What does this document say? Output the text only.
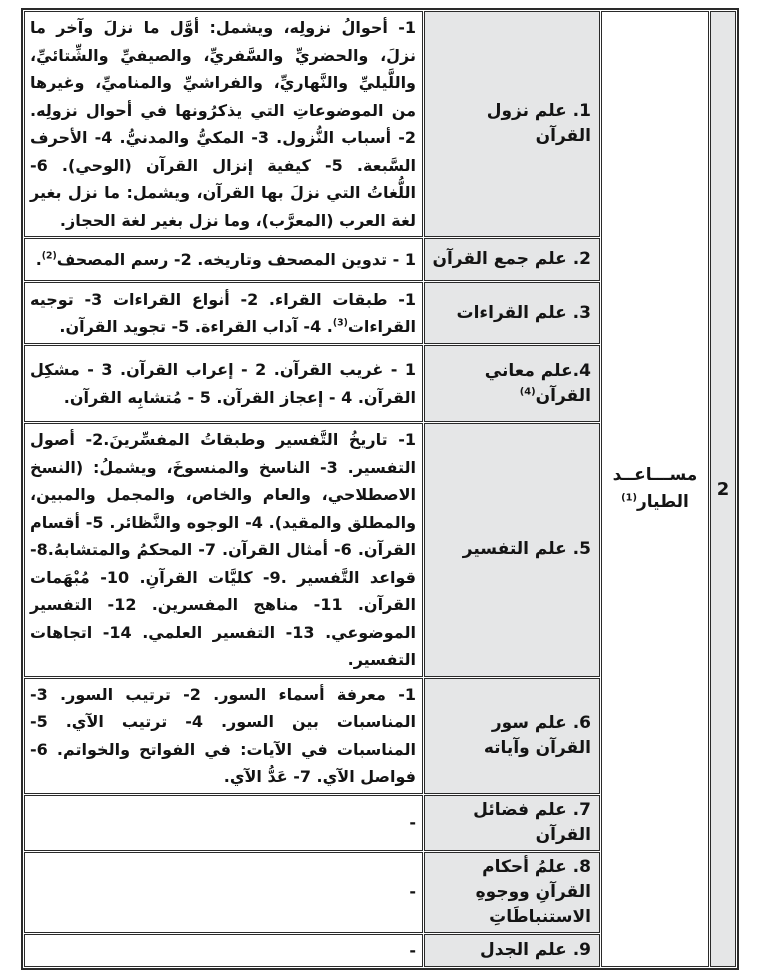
2	مســـاعــد الطيار$^{(1)}$	1. علم نزول القرآن	1- أحوالُ نزولِه، ويشمل: أوَّل ما نزلَ وآخر ما نزلَ، والحضريِّ والسَّفريِّ، والصيفيِّ والشِّتائيِّ، واللَّيليِّ والنَّهاريِّ، والفراشيِّ والمناميِّ، وغيرها من الموضوعاتِ التي يذكرُونها في أحوال نزولِه. 2- أسباب النُّزول. 3- المكيُّ والمدنيُّ. 4- الأحرف السَّبعة. 5- كيفية إنزال القرآن (الوحي). 6- اللُّغاتُ التي نزلَ بها القرآن، ويشمل: ما نزل بغير لغة العرب (المعرَّب)، وما نزل بغير لغة الحجاز.
		2. علم جمع القرآن	1 - تدوين المصحف وتاريخه. 2- رسم المصحف$^{(2)}$.
		3. علم القراءات	1- طبقات القراء. 2- أنواع القراءات 3- توجيه القراءات$^{(3)}$. 4- آداب القراءة. 5- تجويد القرآن.
		4.علم معاني القرآن$^{(4)}$	1 - غريب القرآن. 2 - إعراب القرآن. 3 - مشكِل القرآن. 4 - إعجاز القرآن. 5 - مُتشابِه القرآن.
		5. علم التفسير	1- تاريخُ التَّفسير وطبقاتُ المفسِّرينَ.2- أصول التفسير. 3- الناسخ والمنسوخَ، ويشملُ: (النسخ الاصطلاحي، والعام والخاص، والمجمل والمبين، والمطلق والمقيد). 4- الوجوه والنَّظائر. 5- أقسام القرآن. 6- أمثال القرآن. 7- المحكمُ والمتشابهُ.8- قواعد التَّفسير .9- كليَّات القرآنِ. 10- مُبْهَمات القرآن. 11- مناهج المفسرين. 12- التفسير الموضوعي. 13- التفسير العلمي. 14- اتجاهات التفسير.
		6. علم سور القرآن وآياته	1- معرفة أسماء السور. 2- ترتيب السور. 3- المناسبات بين السور. 4- ترتيب الآي. 5- المناسبات في الآيات: في الفواتح والخواتم. 6- فواصل الآي. 7- عَدُّ الآي.
		7. علم فضائل القرآن	-
		8. علمُ أحكام القرآنِ ووجوهِ الاستنباطَاتِ	-
		9. علم الجدل	-
